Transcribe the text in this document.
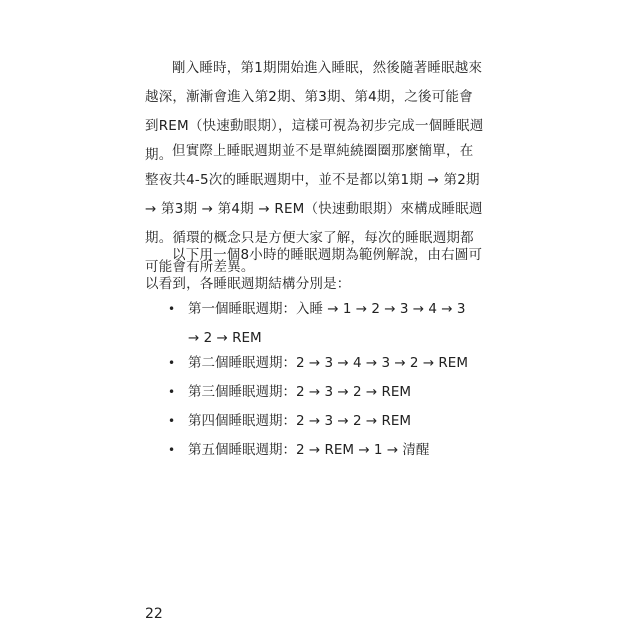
剛入睡時，第1期開始進入睡眠，然後隨著睡眠越來越深，漸漸會進入第2期、第3期、第4期，之後可能會到REM（快速動眼期），這樣可視為初步完成一個睡眠週期。 但實際上睡眠週期並不是單純繞圈圈那麼簡單，在整夜共4-5次的睡眠週期中，並不是都以第1期 → 第2期 → 第3期 → 第4期 → REM（快速動眼期）來構成睡眠週期。循環的概念只是方便大家了解，每次的睡眠週期都可能會有所差異。

以下用一個8小時的睡眠週期為範例解說，由右圖可以看到，各睡眠週期結構分別是：

• 第一個睡眠週期：入睡 → 1 → 2 → 3 → 4 → 3 → 2 → REM
• 第二個睡眠週期：2 → 3 → 4 → 3 → 2 → REM
• 第三個睡眠週期：2 → 3 → 2 → REM
• 第四個睡眠週期：2 → 3 → 2 → REM
• 第五個睡眠週期：2 → REM → 1 → 清醒
22
